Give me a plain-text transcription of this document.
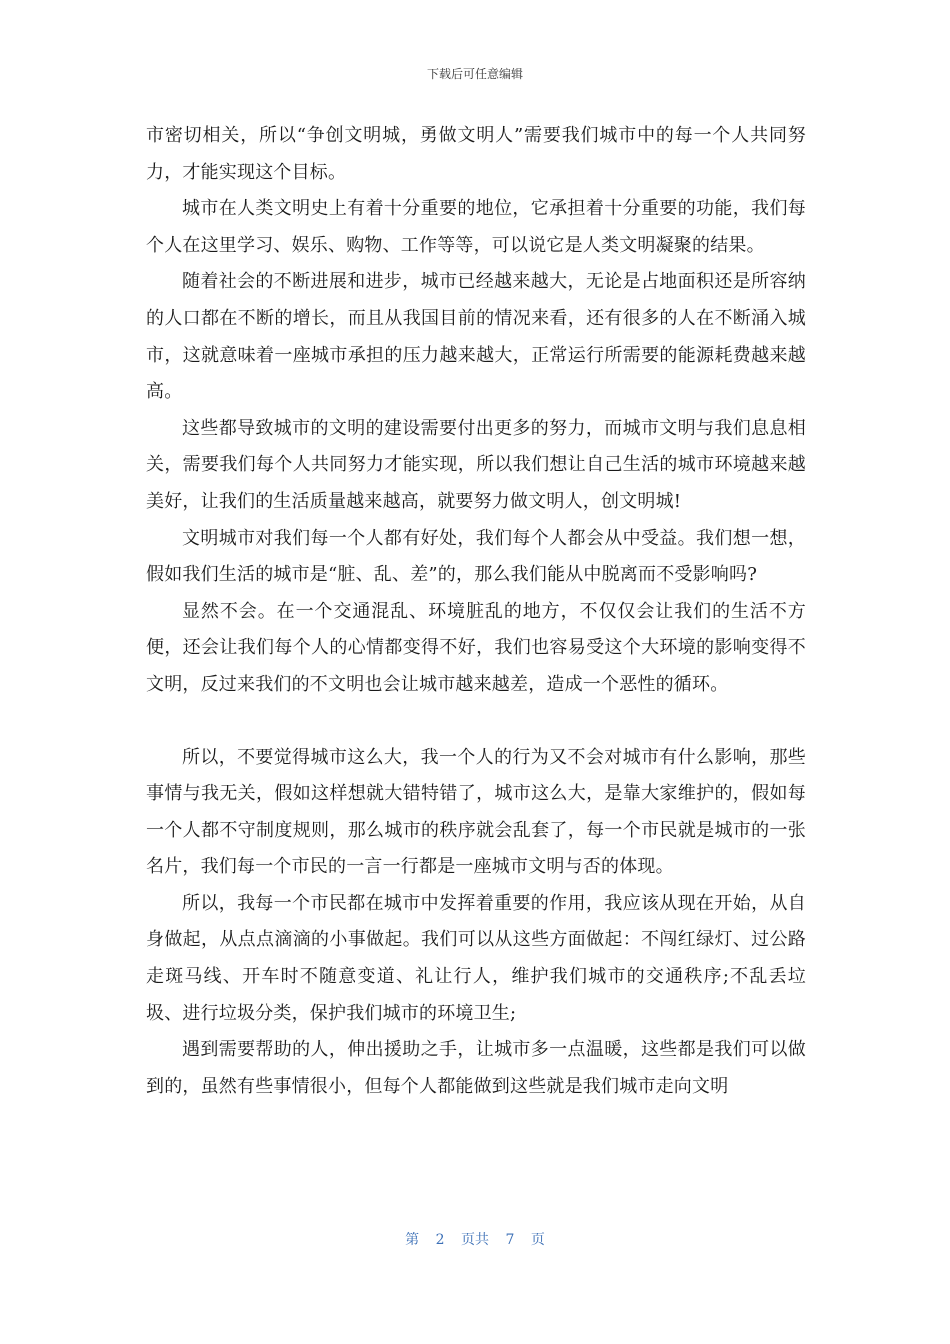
下载后可任意编辑

市密切相关，所以“争创文明城，勇做文明人”需要我们城市中的每一个人共同努力，才能实现这个目标。

城市在人类文明史上有着十分重要的地位，它承担着十分重要的功能，我们每个人在这里学习、娱乐、购物、工作等等，可以说它是人类文明凝聚的结果。

随着社会的不断进展和进步，城市已经越来越大，无论是占地面积还是所容纳的人口都在不断的增长，而且从我国目前的情况来看，还有很多的人在不断涌入城市，这就意味着一座城市承担的压力越来越大，正常运行所需要的能源耗费越来越高。

这些都导致城市的文明的建设需要付出更多的努力，而城市文明与我们息息相关，需要我们每个人共同努力才能实现，所以我们想让自己生活的城市环境越来越美好，让我们的生活质量越来越高，就要努力做文明人，创文明城!

文明城市对我们每一个人都有好处，我们每个人都会从中受益。我们想一想，假如我们生活的城市是“脏、乱、差”的，那么我们能从中脱离而不受影响吗?

显然不会。在一个交通混乱、环境脏乱的地方，不仅仅会让我们的生活不方便，还会让我们每个人的心情都变得不好，我们也容易受这个大环境的影响变得不文明，反过来我们的不文明也会让城市越来越差，造成一个恶性的循环。

所以，不要觉得城市这么大，我一个人的行为又不会对城市有什么影响，那些事情与我无关，假如这样想就大错特错了，城市这么大，是靠大家维护的，假如每一个人都不守制度规则，那么城市的秩序就会乱套了，每一个市民就是城市的一张名片，我们每一个市民的一言一行都是一座城市文明与否的体现。

所以，我每一个市民都在城市中发挥着重要的作用，我应该从现在开始，从自身做起，从点点滴滴的小事做起。我们可以从这些方面做起：不闯红绿灯、过公路走斑马线、开车时不随意变道、礼让行人，维护我们城市的交通秩序;不乱丢垃圾、进行垃圾分类，保护我们城市的环境卫生;

遇到需要帮助的人，伸出援助之手，让城市多一点温暖，这些都是我们可以做到的，虽然有些事情很小，但每个人都能做到这些就是我们城市走向文明

第 2 页共 7 页
